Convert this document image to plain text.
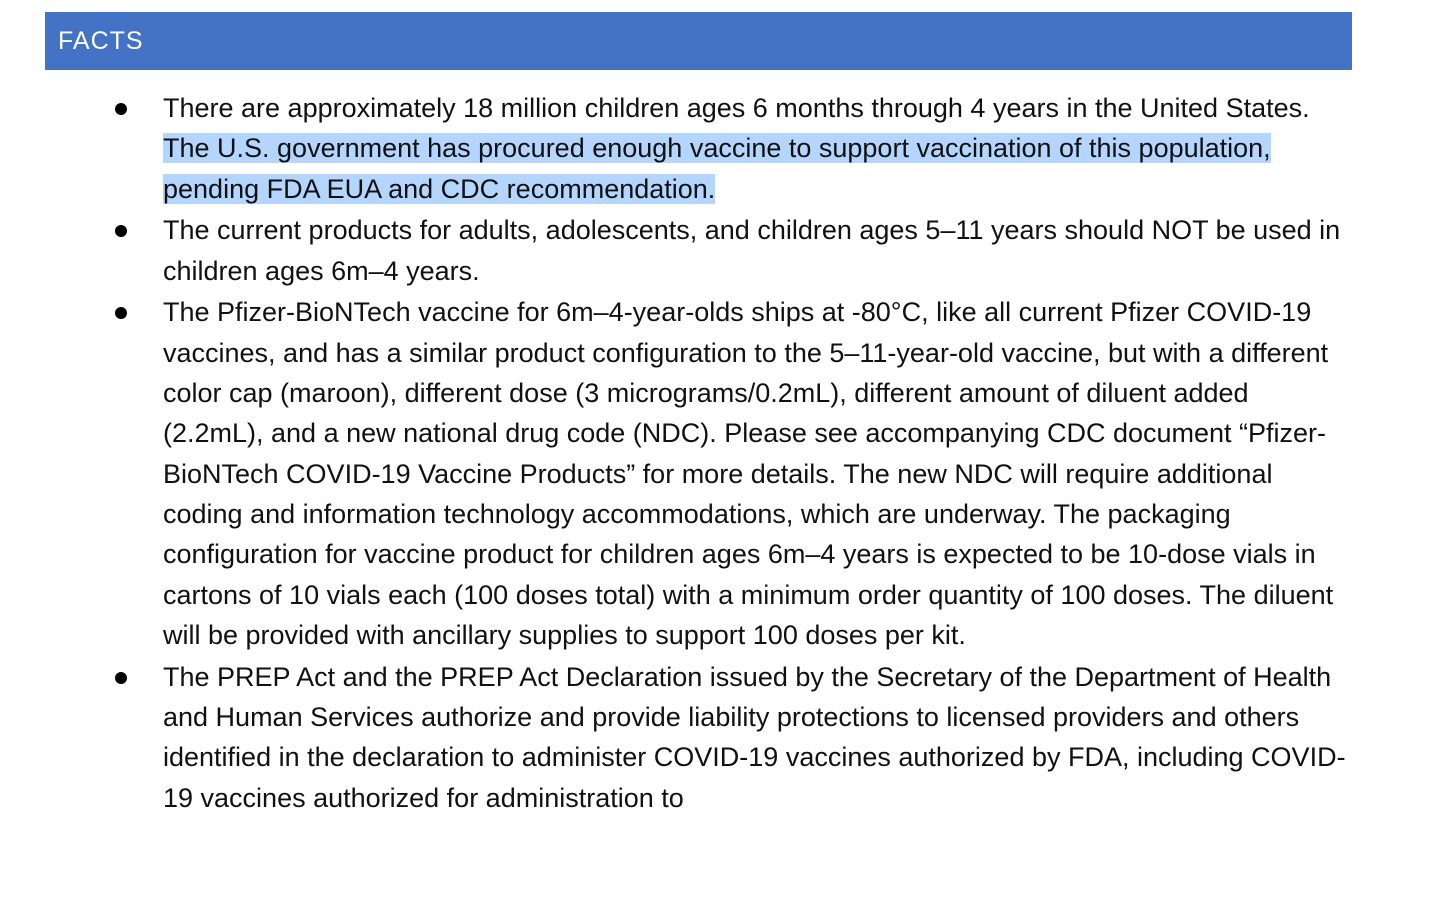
FACTS
There are approximately 18 million children ages 6 months through 4 years in the United States. The U.S. government has procured enough vaccine to support vaccination of this population, pending FDA EUA and CDC recommendation.
The current products for adults, adolescents, and children ages 5–11 years should NOT be used in children ages 6m–4 years.
The Pfizer-BioNTech vaccine for 6m–4-year-olds ships at -80°C, like all current Pfizer COVID-19 vaccines, and has a similar product configuration to the 5–11-year-old vaccine, but with a different color cap (maroon), different dose (3 micrograms/0.2mL), different amount of diluent added (2.2mL), and a new national drug code (NDC). Please see accompanying CDC document “Pfizer-BioNTech COVID-19 Vaccine Products” for more details. The new NDC will require additional coding and information technology accommodations, which are underway. The packaging configuration for vaccine product for children ages 6m–4 years is expected to be 10-dose vials in cartons of 10 vials each (100 doses total) with a minimum order quantity of 100 doses. The diluent will be provided with ancillary supplies to support 100 doses per kit.
The PREP Act and the PREP Act Declaration issued by the Secretary of the Department of Health and Human Services authorize and provide liability protections to licensed providers and others identified in the declaration to administer COVID-19 vaccines authorized by FDA, including COVID-19 vaccines authorized for administration to
